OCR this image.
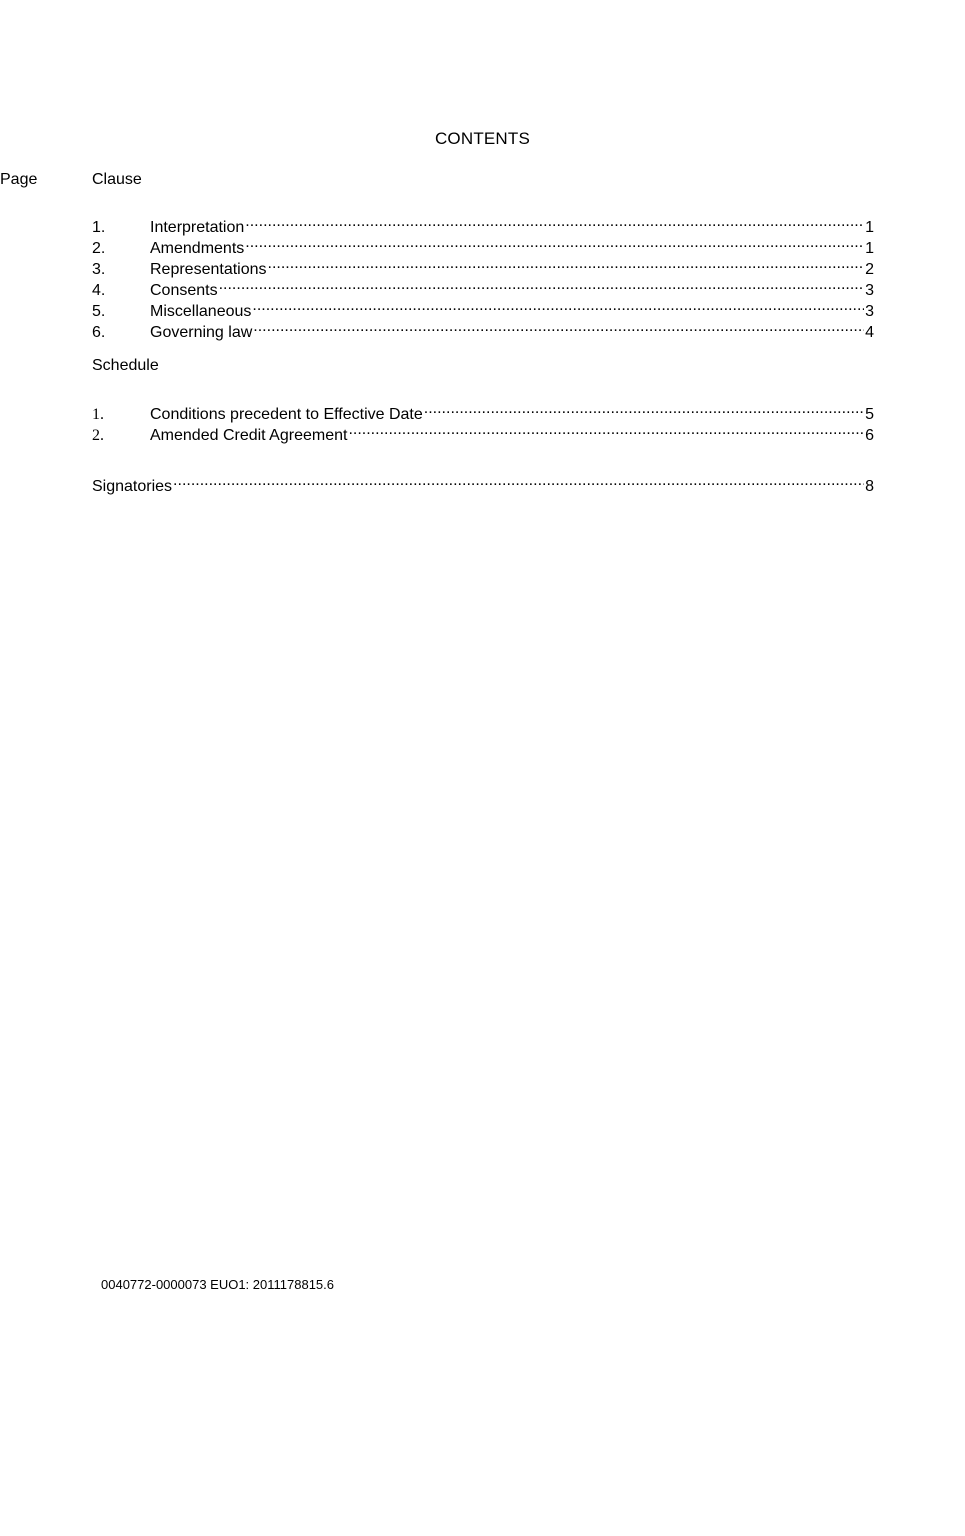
CONTENTS
Clause
Page
1.	Interpretation .....	1
2.	Amendments .....	1
3.	Representations .....	2
4.	Consents .....	3
5.	Miscellaneous .....	3
6.	Governing law .....	4
Schedule
1.	Conditions precedent to Effective Date .....	5
2.	Amended Credit Agreement .....	6
Signatories .....	8
0040772-0000073 EUO1: 2011178815.6
